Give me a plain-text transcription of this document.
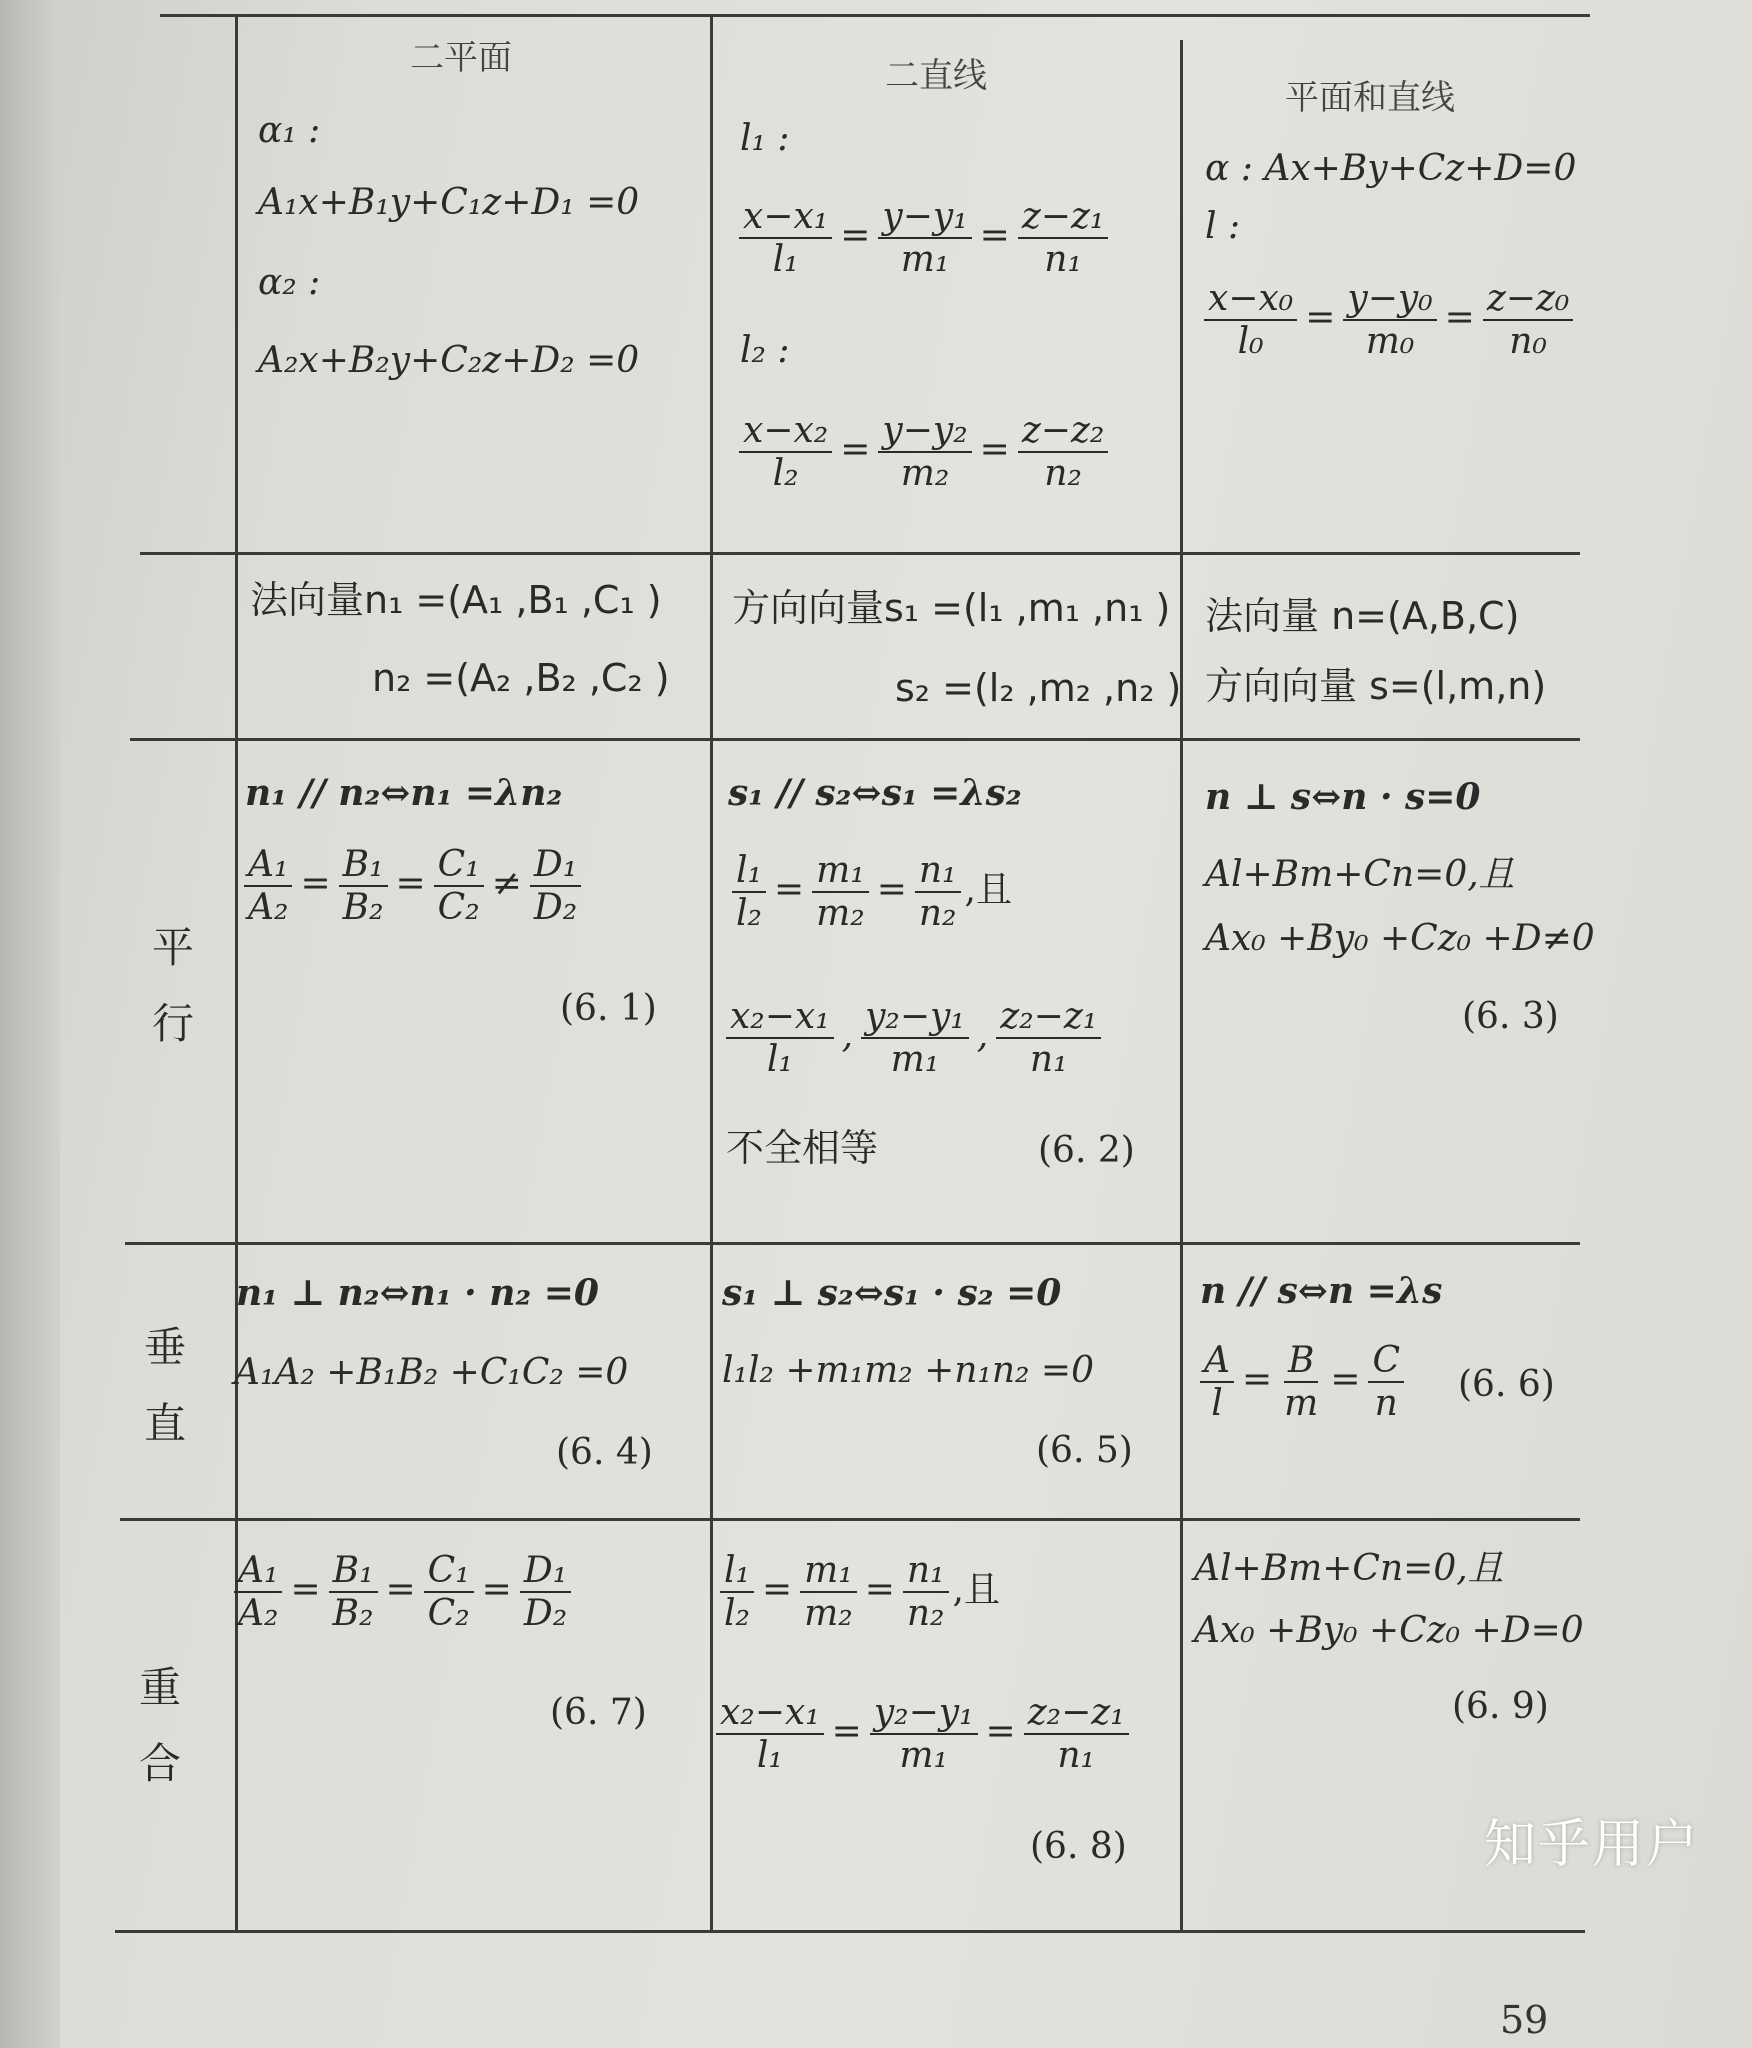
二平面	二直线
平面和直线
α₁ :
A₁x+B₁y+C₁z+D₁ =0
α₂ :
A₂x+B₂y+C₂z+D₂ =0
l₁ :
$\frac{\text{x−x₁}}{\text{l₁}} = \frac{\text{y−y₁}}{\text{m₁}} = \frac{\text{z−z₁}}{\text{n₁}}$
l₂ :
$\frac{\text{x−x₂}}{\text{l₂}} = \frac{\text{y−y₂}}{\text{m₂}} = \frac{\text{z−z₂}}{\text{n₂}}$
α : Ax+By+Cz+D=0
l :
$\frac{\text{x−x₀}}{\text{l₀}} = \frac{\text{y−y₀}}{\text{m₀}} = \frac{\text{z−z₀}}{\text{n₀}}$
法向量n₁ =(A₁ ,B₁ ,C₁ )
n₂ =(A₂ ,B₂ ,C₂ )
方向向量s₁ =(l₁ ,m₁ ,n₁ )
s₂ =(l₂ ,m₂ ,n₂ )
法向量 n=(A,B,C)
方向向量 s=(l,m,n)
平行
垂直
重合
n₁ // n₂⇔n₁ =λn₂
$\frac{\text{A₁}}{\text{A₂}} = \frac{\text{B₁}}{\text{B₂}} = \frac{\text{C₁}}{\text{C₂}} \ne \frac{\text{D₁}}{\text{D₂}}$
(6. 1)
s₁ // s₂⇔s₁ =λs₂
$\frac{\text{l₁}}{\text{l₂}} = \frac{\text{m₁}}{\text{m₂}} = \frac{\text{n₁}}{\text{n₂}}$ ,且
$\frac{\text{x₂−x₁}}{\text{l₁}}$ , $\frac{\text{y₂−y₁}}{\text{m₁}}$ , $\frac{\text{z₂−z₁}}{\text{n₁}}$
不全相等	(6. 2)
n ⊥ s⇔n · s=0
Al+Bm+Cn=0,且
Ax₀ +By₀ +Cz₀ +D≠0
(6. 3)
n₁ ⊥ n₂⇔n₁ · n₂ =0
A₁A₂ +B₁B₂ +C₁C₂ =0
(6. 4)
s₁ ⊥ s₂⇔s₁ · s₂ =0
l₁l₂ +m₁m₂ +n₁n₂ =0
(6. 5)
n // s⇔n =λs
$\frac{A}{l} = \frac{B}{m} = \frac{C}{n} (6$. 6)
$\frac{\text{A₁}}{\text{A₂}} = \frac{\text{B₁}}{\text{B₂}} = \frac{\text{C₁}}{\text{C₂}} = \frac{\text{D₁}}{\text{D₂}}$
(6. 7)
$\frac{\text{l₁}}{\text{l₂}} = \frac{\text{m₁}}{\text{m₂}} = \frac{\text{n₁}}{\text{n₂}}$ ,且
$\frac{\text{x₂−x₁}}{\text{l₁}} = \frac{\text{y₂−y₁}}{\text{m₁}} = \frac{\text{z₂−z₁}}{\text{n₁}}$
(6. 8)
Al+Bm+Cn=0,且
Ax₀ +By₀ +Cz₀ +D=0
(6. 9)
知乎用户
59
